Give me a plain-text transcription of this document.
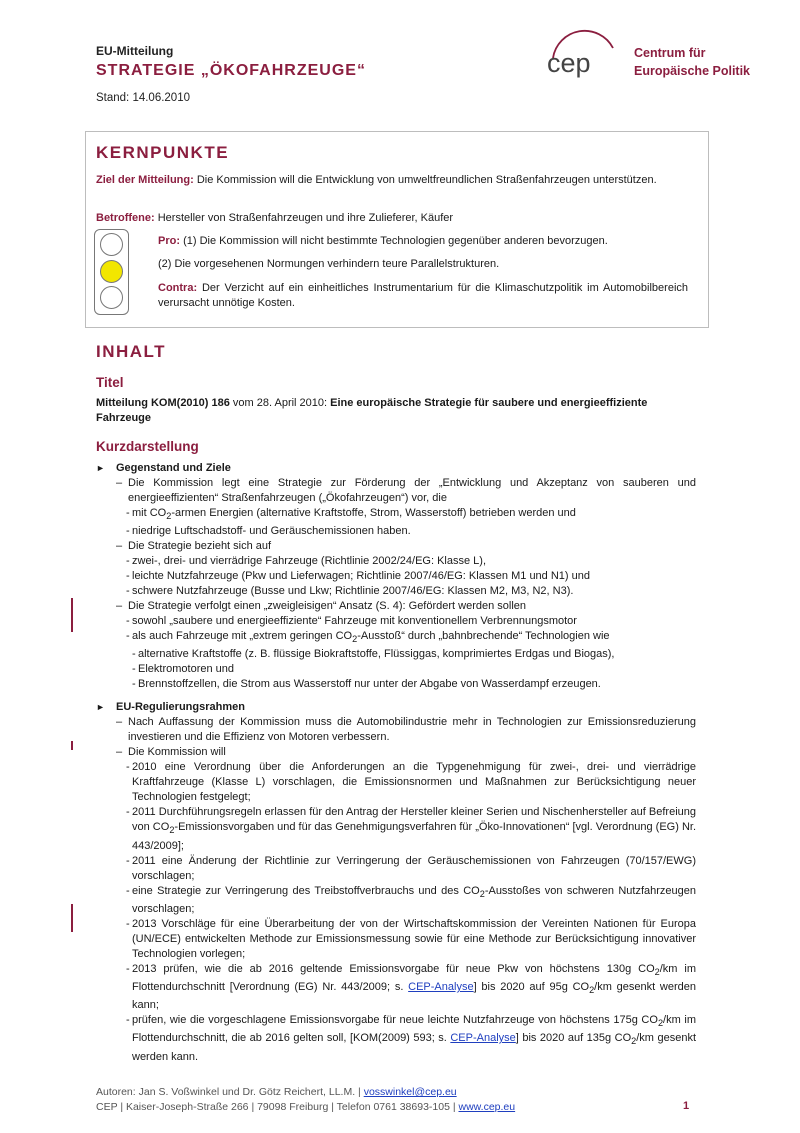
EU-Mitteilung
STRATEGIE „ÖKOFAHRZEUGE“
Stand: 14.06.2010
cep	Centrum für
Europäische Politik
KERNPUNKTE
Ziel der Mitteilung: Die Kommission will die Entwicklung von umweltfreundlichen Straßenfahrzeugen unterstützen.
Betroffene: Hersteller von Straßenfahrzeugen und ihre Zulieferer, Käufer
Pro: (1) Die Kommission will nicht bestimmte Technologien gegenüber anderen bevorzugen.
(2) Die vorgesehenen Normungen verhindern teure Parallelstrukturen.
Contra: Der Verzicht auf ein einheitliches Instrumentarium für die Klimaschutzpolitik im Automobilbereich verursacht unnötige Kosten.
INHALT
Titel
Mitteilung KOM(2010) 186 vom 28. April 2010: Eine europäische Strategie für saubere und energieeffiziente Fahrzeuge
Kurzdarstellung
► Gegenstand und Ziele
– Die Kommission legt eine Strategie zur Förderung der „Entwicklung und Akzeptanz von sauberen und energieeffizienten“ Straßenfahrzeugen („Ökofahrzeugen“) vor, die
- mit $CO_2$-armen Energien (alternative Kraftstoffe, Strom, Wasserstoff) betrieben werden und
- niedrige Luftschadstoff- und Geräuschemissionen haben.
– Die Strategie bezieht sich auf
- zwei-, drei- und vierrädrige Fahrzeuge (Richtlinie 2002/24/EG: Klasse L),
- leichte Nutzfahrzeuge (Pkw und Lieferwagen; Richtlinie 2007/46/EG: Klassen M1 und N1) und
- schwere Nutzfahrzeuge (Busse und Lkw; Richtlinie 2007/46/EG: Klassen M2, M3, N2, N3).
– Die Strategie verfolgt einen „zweigleisigen“ Ansatz (S. 4): Gefördert werden sollen
- sowohl „saubere und energieeffiziente“ Fahrzeuge mit konventionellem Verbrennungsmotor
- als auch Fahrzeuge mit „extrem geringen $CO_2-Ausstoß“$ durch „bahnbrechende“ Technologien wie
- alternative Kraftstoffe (z. B. flüssige Biokraftstoffe, Flüssiggas, komprimiertes Erdgas und Biogas),
- Elektromotoren und
- Brennstoffzellen, die Strom aus Wasserstoff nur unter der Abgabe von Wasserdampf erzeugen.
► EU-Regulierungsrahmen
– Nach Auffassung der Kommission muss die Automobilindustrie mehr in Technologien zur Emissionsreduzierung investieren und die Effizienz von Motoren verbessern.
– Die Kommission will
- 2010 eine Verordnung über die Anforderungen an die Typgenehmigung für zwei-, drei- und vierrädrige Kraftfahrzeuge (Klasse L) vorschlagen, die Emissionsnormen und Maßnahmen zur Berücksichtigung neuer Technologien festgelegt;
- 2011 Durchführungsregeln erlassen für den Antrag der Hersteller kleiner Serien und Nischenhersteller auf Befreiung von $CO_2$-Emissionsvorgaben und für das Genehmigungsverfahren für „Öko-Innovationen“ [vgl. Verordnung (EG) Nr. 443/2009];
- 2011 eine Änderung der Richtlinie zur Verringerung der Geräuschemissionen von Fahrzeugen (70/157/EWG) vorschlagen;
- eine Strategie zur Verringerung des Treibstoffverbrauchs und des $CO_2$-Ausstoßes von schweren Nutzfahrzeugen vorschlagen;
- 2013 Vorschläge für eine Überarbeitung der von der Wirtschaftskommission der Vereinten Nationen für Europa (UN/ECE) entwickelten Methode zur Emissionsmessung sowie für eine Methode zur Berücksichtigung innovativer Technologien vorlegen;
- 2013 prüfen, wie die ab 2016 geltende Emissionsvorgabe für neue Pkw von höchstens 130g $CO_2/km$ im Flottendurchschnitt [Verordnung (EG) Nr. 443/2009; s. CEP-Analyse] bis 2020 auf 95g $CO_2/km$ gesenkt werden kann;
- prüfen, wie die vorgeschlagene Emissionsvorgabe für neue leichte Nutzfahrzeuge von höchstens 175g $CO_2/km$ im Flottendurchschnitt, die ab 2016 gelten soll, [KOM(2009) 593; s. CEP-Analyse] bis 2020 auf 135g $CO_2/km$ gesenkt werden kann.
Autoren: Jan S. Voßwinkel und Dr. Götz Reichert, LL.M. | vosswinkel@cep.eu
CEP | Kaiser-Joseph-Straße 266 | 79098 Freiburg | Telefon 0761 38693-105 | www.cep.eu	1
